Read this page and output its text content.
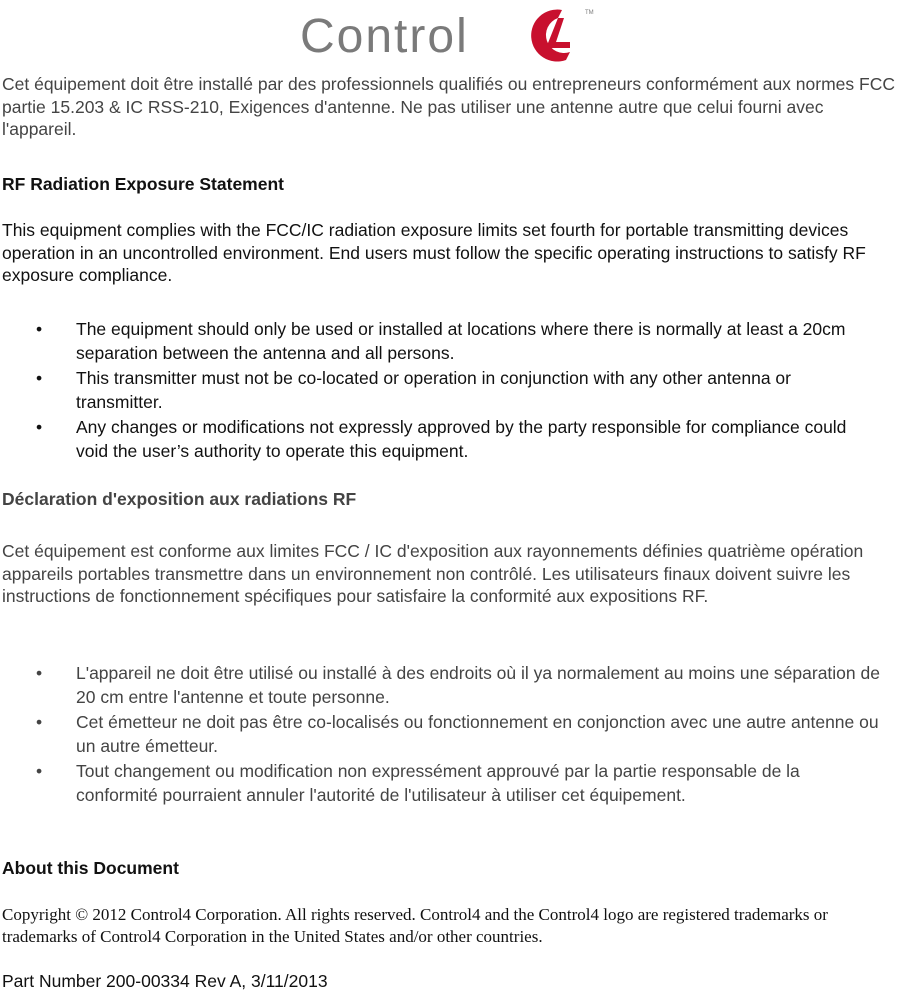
Control	4
TM
Cet équipement doit être installé par des professionnels qualifiés ou entrepreneurs conformément aux normes FCC partie 15.203 & IC RSS-210, Exigences d'antenne. Ne pas utiliser une antenne autre que celui fourni avec l'appareil.
RF Radiation Exposure Statement
This equipment complies with the FCC/IC radiation exposure limits set fourth for portable transmitting devices operation in an uncontrolled environment. End users must follow the specific operating instructions to satisfy RF exposure compliance.
• The equipment should only be used or installed at locations where there is normally at least a 20cm separation between the antenna and all persons.
• This transmitter must not be co-located or operation in conjunction with any other antenna or transmitter.
• Any changes or modifications not expressly approved by the party responsible for compliance could void the user’s authority to operate this equipment.
Déclaration d'exposition aux radiations RF
Cet équipement est conforme aux limites FCC / IC d'exposition aux rayonnements définies quatrième opération appareils portables transmettre dans un environnement non contrôlé. Les utilisateurs finaux doivent suivre les instructions de fonctionnement spécifiques pour satisfaire la conformité aux expositions RF.
• L'appareil ne doit être utilisé ou installé à des endroits où il ya normalement au moins une séparation de 20 cm entre l'antenne et toute personne.
• Cet émetteur ne doit pas être co-localisés ou fonctionnement en conjonction avec une autre antenne ou un autre émetteur.
• Tout changement ou modification non expressément approuvé par la partie responsable de la conformité pourraient annuler l'autorité de l'utilisateur à utiliser cet équipement.
About this Document
Copyright © 2012 Control4 Corporation. All rights reserved. Control4 and the Control4 logo are registered trademarks or trademarks of Control4 Corporation in the United States and/or other countries.
Part Number 200-00334 Rev A, 3/11/2013
